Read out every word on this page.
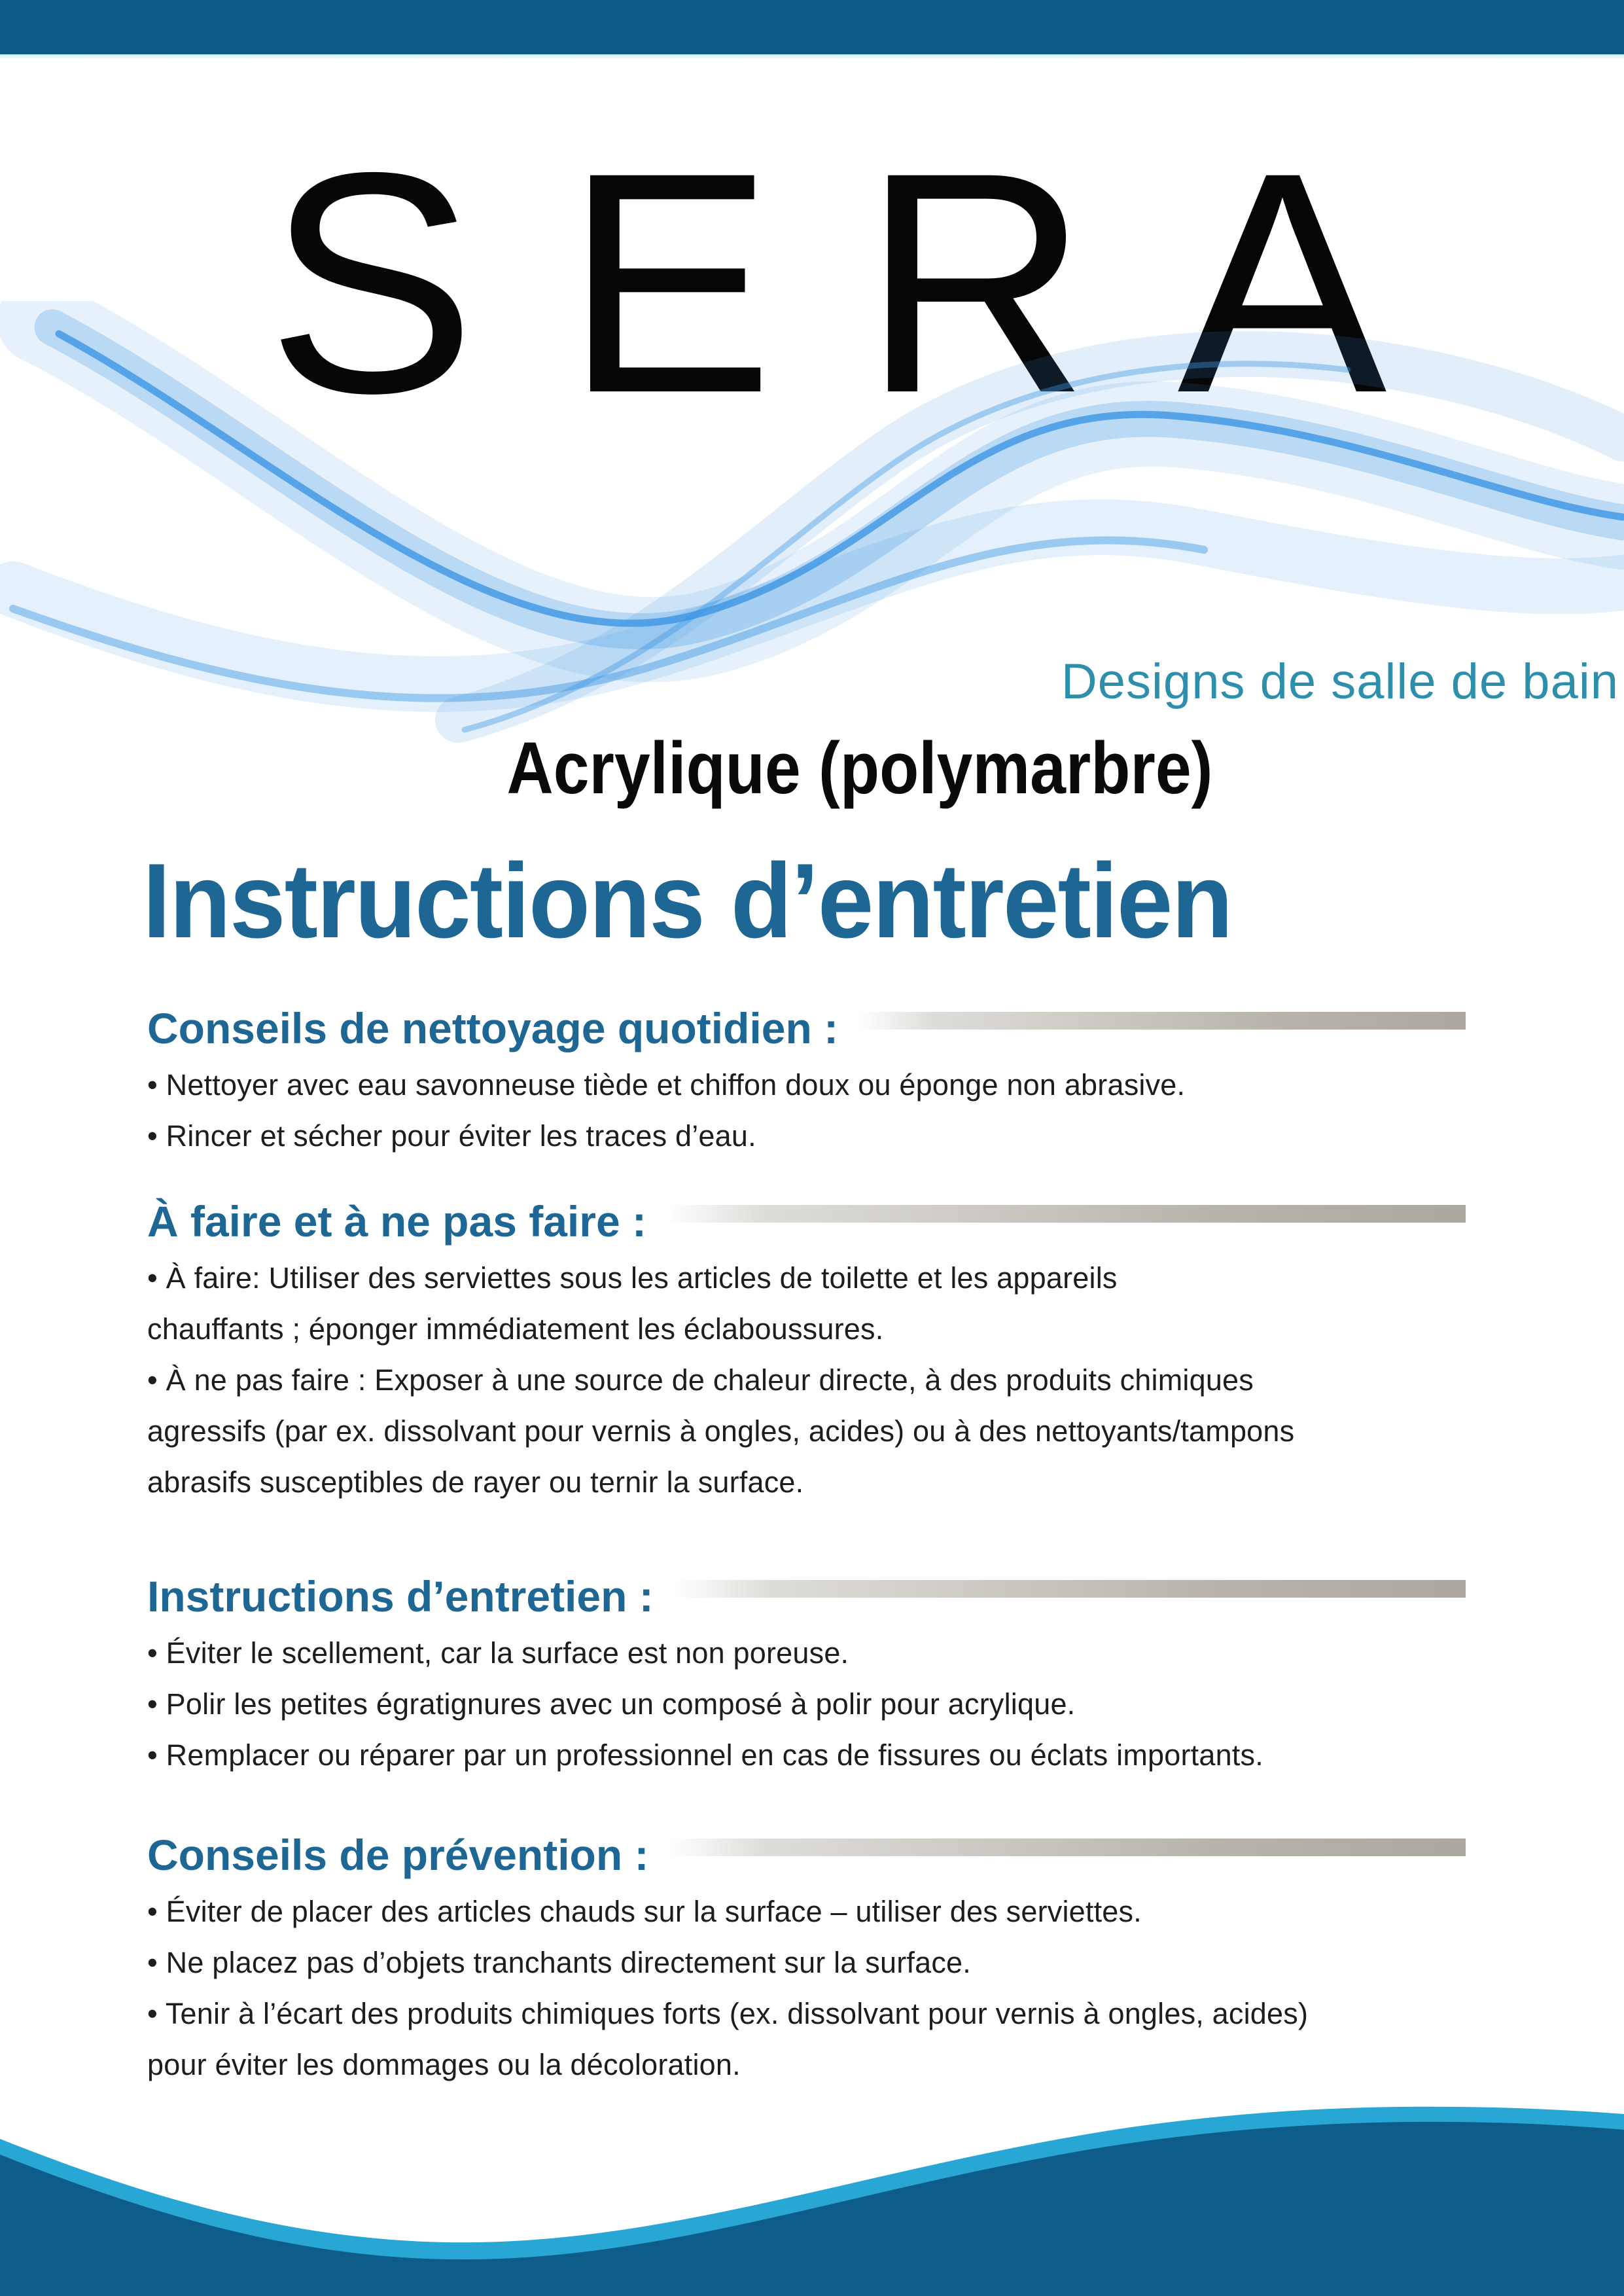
SERA
Designs de salle de bain
Acrylique (polymarbre)
Instructions d’entretien
Conseils de nettoyage quotidien :
• Nettoyer avec eau savonneuse tiède et chiffon doux ou éponge non abrasive.
• Rincer et sécher pour éviter les traces d’eau.
À faire et à ne pas faire :
• À faire: Utiliser des serviettes sous les articles de toilette et les appareils
chauffants ; éponger immédiatement les éclaboussures.
• À ne pas faire : Exposer à une source de chaleur directe, à des produits chimiques
agressifs (par ex. dissolvant pour vernis à ongles, acides) ou à des nettoyants/tampons
abrasifs susceptibles de rayer ou ternir la surface.
Instructions d’entretien :
• Éviter le scellement, car la surface est non poreuse.
• Polir les petites égratignures avec un composé à polir pour acrylique.
• Remplacer ou réparer par un professionnel en cas de fissures ou éclats importants.
Conseils de prévention :
• Éviter de placer des articles chauds sur la surface – utiliser des serviettes.
• Ne placez pas d’objets tranchants directement sur la surface.
• Tenir à l’écart des produits chimiques forts (ex. dissolvant pour vernis à ongles, acides)
pour éviter les dommages ou la décoloration.
